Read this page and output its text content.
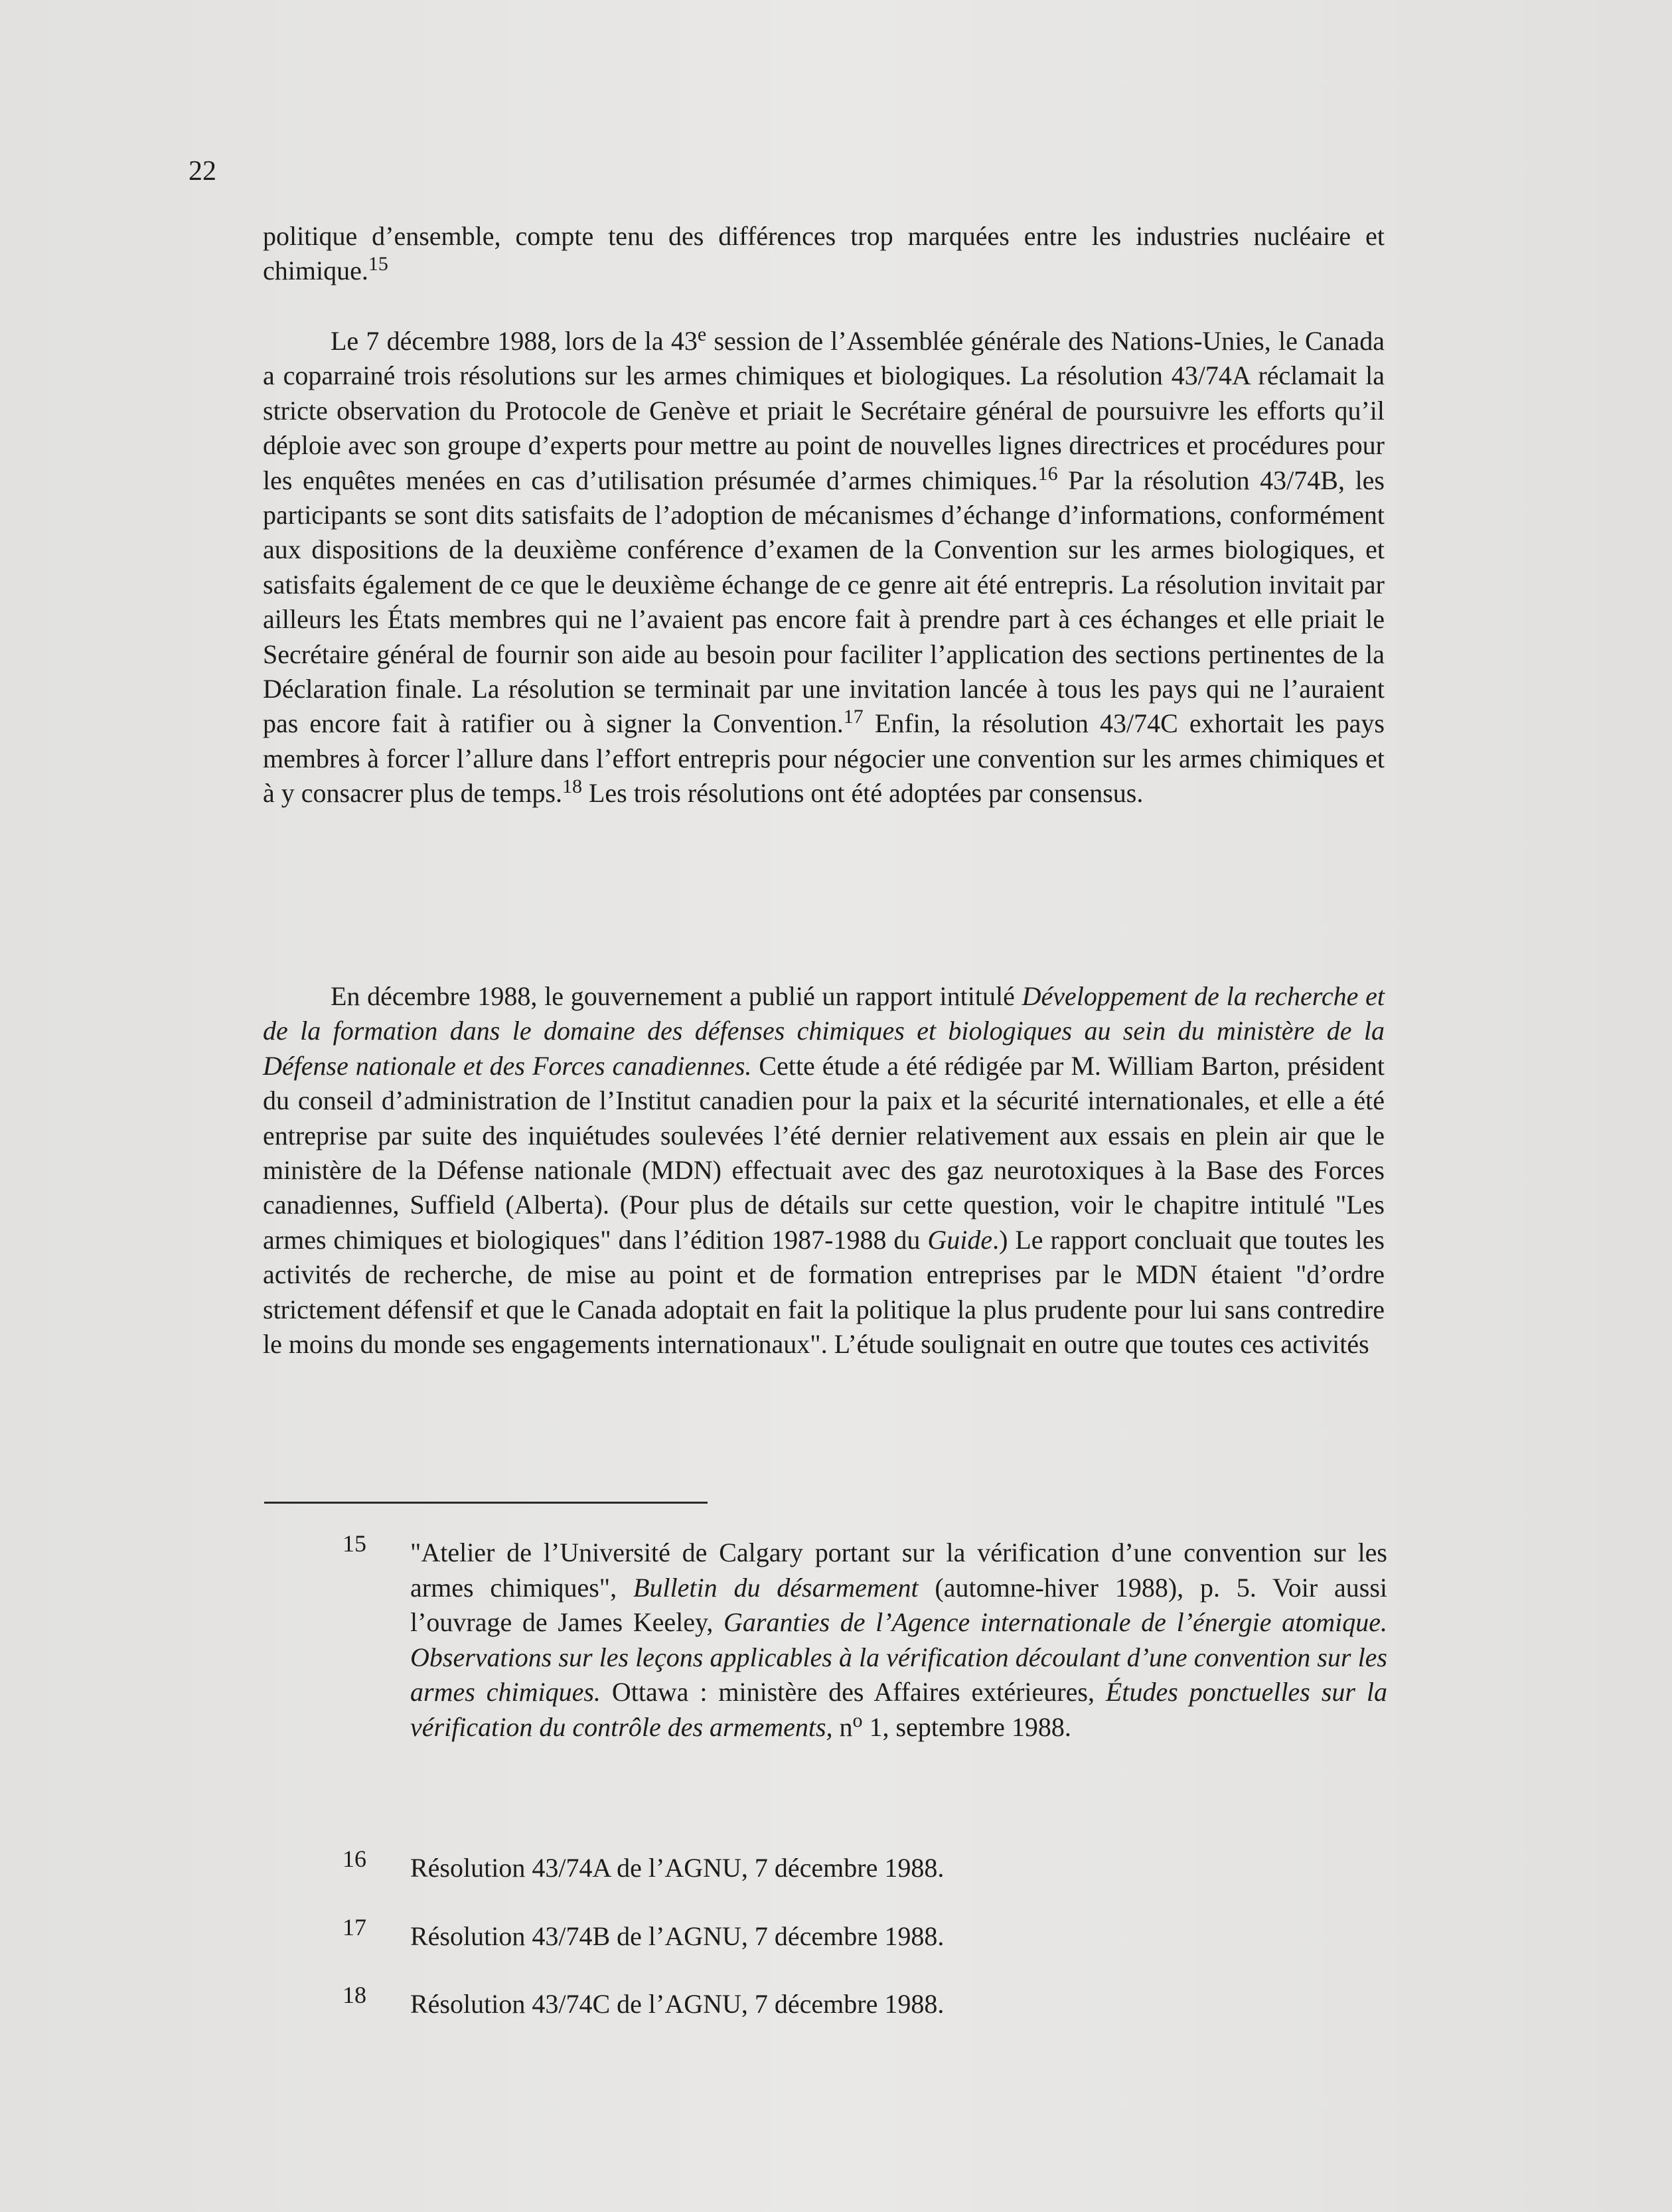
22

politique d’ensemble, compte tenu des différences trop marquées entre les industries nucléaire et chimique.$^{15}$

Le 7 décembre 1988, lors de la 43e session de l’Assemblée générale des Nations-Unies, le Canada a coparrainé trois résolutions sur les armes chimiques et biologiques. La résolution 43/74A réclamait la stricte observation du Protocole de Genève et priait le Secrétaire général de poursuivre les efforts qu’il déploie avec son groupe d’experts pour mettre au point de nouvelles lignes directrices et procédures pour les enquêtes menées en cas d’utilisation présumée d’armes chimiques.$^{16}$ Par la résolution 43/74B, les participants se sont dits satisfaits de l’adoption de mécanismes d’échange d’informations, conformément aux dispositions de la deuxième conférence d’examen de la Convention sur les armes biologiques, et satisfaits également de ce que le deuxième échange de ce genre ait été entrepris. La résolution invitait par ailleurs les États membres qui ne l’avaient pas encore fait à prendre part à ces échanges et elle priait le Secrétaire général de fournir son aide au besoin pour faciliter l’application des sections pertinentes de la Déclaration finale. La résolution se terminait par une invitation lancée à tous les pays qui ne l’auraient pas encore fait à ratifier ou à signer la Convention.$^{17}$ Enfin, la résolution 43/74C exhortait les pays membres à forcer l’allure dans l’effort entrepris pour négocier une convention sur les armes chimiques et à y consacrer plus de temps.$^{18}$ Les trois résolutions ont été adoptées par consensus.

En décembre 1988, le gouvernement a publié un rapport intitulé Développement de la recherche et de la formation dans le domaine des défenses chimiques et biologiques au sein du ministère de la Défense nationale et des Forces canadiennes. Cette étude a été rédigée par M. William Barton, président du conseil d’administration de l’Institut canadien pour la paix et la sécurité internationales, et elle a été entreprise par suite des inquiétudes soulevées l’été dernier relativement aux essais en plein air que le ministère de la Défense nationale (MDN) effectuait avec des gaz neurotoxiques à la Base des Forces canadiennes, Suffield (Alberta). (Pour plus de détails sur cette question, voir le chapitre intitulé "Les armes chimiques et biologiques" dans l’édition 1987-1988 du Guide.) Le rapport concluait que toutes les activités de recherche, de mise au point et de formation entreprises par le MDN étaient "d’ordre strictement défensif et que le Canada adoptait en fait la politique la plus prudente pour lui sans contredire le moins du monde ses engagements internationaux". L’étude soulignait en outre que toutes ces activités

15 "Atelier de l’Université de Calgary portant sur la vérification d’une convention sur les armes chimiques", Bulletin du désarmement (automne-hiver 1988), p. 5. Voir aussi l’ouvrage de James Keeley, Garanties de l’Agence internationale de l’énergie atomique. Observations sur les leçons applicables à la vérification découlant d’une convention sur les armes chimiques. Ottawa : ministère des Affaires extérieures, Études ponctuelles sur la vérification du contrôle des armements, $n^o$ 1, septembre 1988.
16 Résolution 43/74A de l’AGNU, 7 décembre 1988.
17 Résolution 43/74B de l’AGNU, 7 décembre 1988.
18 Résolution 43/74C de l’AGNU, 7 décembre 1988.
